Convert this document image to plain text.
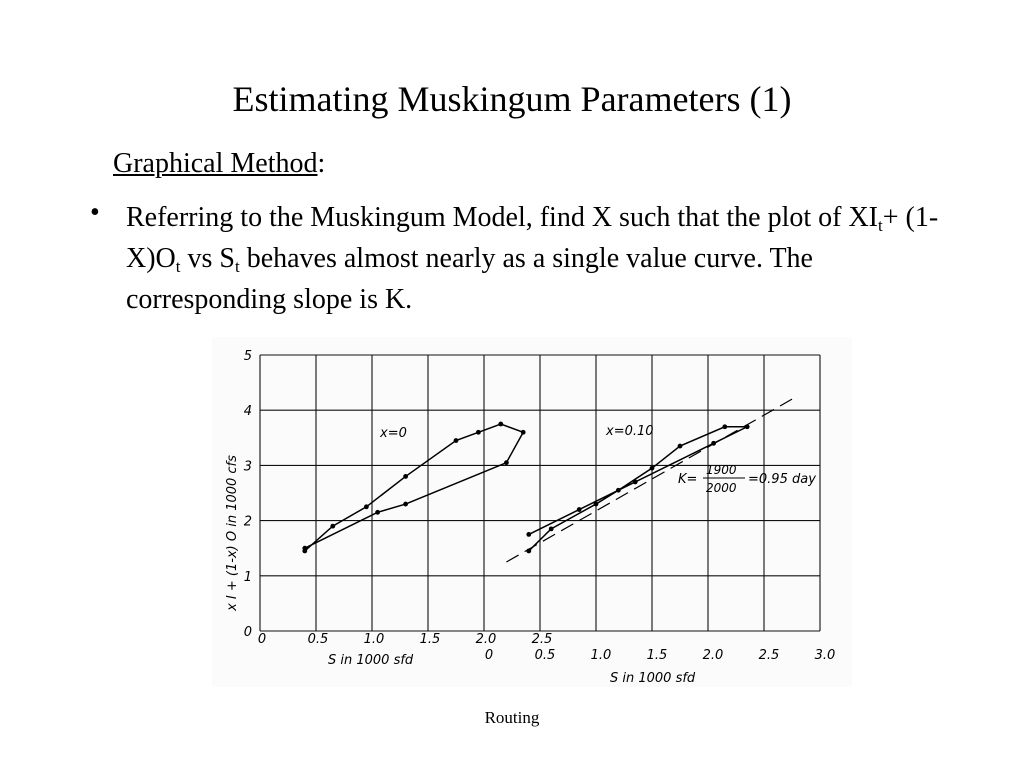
Estimating Muskingum Parameters (1)
Graphical Method:
• Referring to the Muskingum Model, find X such that the plot of $XI_t+ (1-X)O_t$ vs $S_t$ behaves almost nearly as a single value curve. The corresponding slope is K.
0
1
2
3
4
5
0	0.5	1.0	1.5	2.0	2.5
0	0.5	1.0	1.5	2.0	2.5	3.0
S in 1000 sfd
S in 1000 sfd
x I + (1-x) O in 1000 cfs
x=0	x=0.10
K=
1900
2000
=0.95 day
Routing
